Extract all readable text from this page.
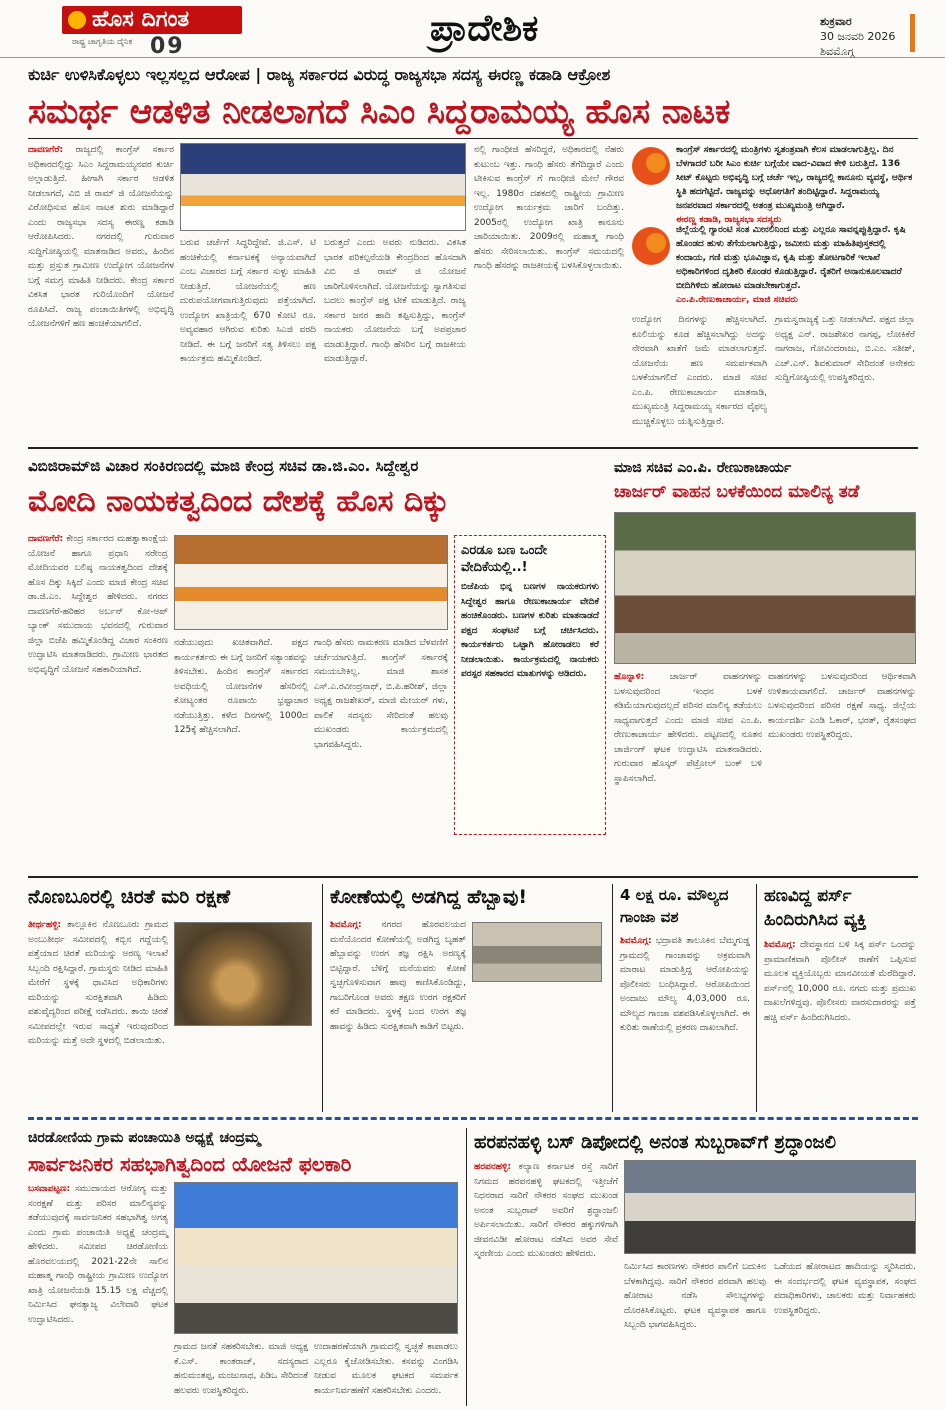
ಹೊಸ ದಿಗಂತ
ರಾಷ್ಟ್ರ ಜಾಗೃತಿಯ ದೈನಿಕ 09	ಪ್ರಾದೇಶಿಕ	ಶುಕ್ರವಾರ
30 ಜನವರಿ 2026
ಶಿವಮೊಗ್ಗ
ಕುರ್ಚಿ ಉಳಿಸಿಕೊಳ್ಳಲು ಇಲ್ಲಸಲ್ಲದ ಆರೋಪ | ರಾಜ್ಯ ಸರ್ಕಾರದ ವಿರುದ್ಧ ರಾಜ್ಯಸಭಾ ಸದಸ್ಯ ಈರಣ್ಣ ಕಡಾಡಿ ಆಕ್ರೋಶ
ಸಮರ್ಥ ಆಡಳಿತ ನೀಡಲಾಗದೆ ಸಿಎಂ ಸಿದ್ದರಾಮಯ್ಯ ಹೊಸ ನಾಟಕ
ದಾವಣಗೆರೆ: ರಾಜ್ಯದಲ್ಲಿ ಕಾಂಗ್ರೆಸ್ ಸರ್ಕಾರ ಅಧಿಕಾರದಲ್ಲಿದ್ದು ಸಿಎಂ ಸಿದ್ದರಾಮಯ್ಯನವರ ಕುರ್ಚಿ ಅಲ್ಲಾಡುತ್ತಿದೆ. ಹೀಗಾಗಿ ಸರ್ಕಾರ ಆಡಳಿತ ನೀಡಲಾಗದೆ, ವಿಬಿ ಜಿ ರಾಮ್ ಜಿ ಯೋಜನೆಯನ್ನು ವಿರೋಧಿಸುವ ಹೊಸ ನಾಟಕ ಶುರು ಮಾಡಿದ್ದಾರೆ ಎಂದು ರಾಜ್ಯಸಭಾ ಸದಸ್ಯ ಈರಣ್ಣ ಕಡಾಡಿ ಆರೋಪಿಸಿದರು. ನಗರದಲ್ಲಿ ಗುರುವಾರ ಸುದ್ದಿಗೋಷ್ಠಿಯಲ್ಲಿ ಮಾತನಾಡಿದ ಅವರು, ಹಿಂದಿನ ಮತ್ತು ಪ್ರಸ್ತುತ ಗ್ರಾಮೀಣ ಉದ್ಯೋಗ ಯೋಜನೆಗಳ ಬಗ್ಗೆ ಸಮಗ್ರ ಮಾಹಿತಿ ನೀಡಿದರು. ಕೇಂದ್ರ ಸರ್ಕಾರ ವಿಕಸಿತ ಭಾರತ ಗುರಿಯೊಂದಿಗೆ ಯೋಜನೆ ರೂಪಿಸಿದೆ. ರಾಜ್ಯ ಪಂಚಾಯಿತಿಗಳಲ್ಲಿ ಅಭಿವೃದ್ಧಿ ಯೋಜನೆಗಳಿಗೆ ಹಣ ಹಂಚಿಕೆಯಾಗಲಿದೆ.
ಬರುವ ಚರ್ಚೆಗೆ ಸಿದ್ಧರಿದ್ದೇವೆ. ಜಿ.ಎಸ್. ಟಿ ಹಂಚಿಕೆಯಲ್ಲಿ ಕರ್ನಾಟಕಕ್ಕೆ ಅನ್ಯಾಯವಾಗಿದೆ ಎಂಬ ವಿಚಾರದ ಬಗ್ಗೆ ಸರ್ಕಾರ ಸುಳ್ಳು ಮಾಹಿತಿ ನೀಡುತ್ತಿದೆ. ಯೋಜನೆಯಲ್ಲಿ ಹಣ ದುರುಪಯೋಗವಾಗುತ್ತಿರುವುದು ಪತ್ತೆಯಾಗಿದೆ. ಉದ್ಯೋಗ ಖಾತ್ರಿಯಲ್ಲಿ 670 ಕೋಟಿ ರೂ. ಅವ್ಯವಹಾರ ಆಗಿರುವ ಕುರಿತು ಸಿಎಜಿ ವರದಿ ನೀಡಿದೆ. ಈ ಬಗ್ಗೆ ಜನರಿಗೆ ಸತ್ಯ ತಿಳಿಸಲು ಪಕ್ಷ ಕಾರ್ಯಕ್ರಮ ಹಮ್ಮಿಕೊಂಡಿದೆ.
ಬರುತ್ತದೆ ಎಂದು ಅವರು ನುಡಿದರು. ವಿಕಸಿತ ಭಾರತ ಪರಿಕಲ್ಪನೆಯಡಿ ಕೇಂದ್ರದಿಂದ ಹೊಸದಾಗಿ ವಿಬಿ ಜಿ ರಾಮ್ ಜಿ ಯೋಜನೆ ಜಾರಿಗೊಳಿಸಲಾಗಿದೆ. ಯೋಜನೆಯನ್ನು ಸ್ವಾಗತಿಸುವ ಬದಲು ಕಾಂಗ್ರೆಸ್ ಪಕ್ಷ ಟೀಕೆ ಮಾಡುತ್ತಿದೆ. ರಾಜ್ಯ ಸರ್ಕಾರ ಜನರ ಹಾದಿ ತಪ್ಪಿಸುತ್ತಿದ್ದು, ಕಾಂಗ್ರೆಸ್ ನಾಯಕರು ಯೋಜನೆಯ ಬಗ್ಗೆ ಅಪಪ್ರಚಾರ ಮಾಡುತ್ತಿದ್ದಾರೆ. ಗಾಂಧಿ ಹೆಸರಿನ ಬಗ್ಗೆ ರಾಜಕೀಯ ಮಾಡುತ್ತಿದ್ದಾರೆ.
ನಲ್ಲಿ ಗಾಂಧೀಜಿ ಹೆಸರಿದ್ದರೆ, ಅಧಿಕಾರದಲ್ಲಿ ನೆಹರು ಕುಟುಂಬ ಇತ್ತು. ಗಾಂಧಿ ಹೆಸರು ತೆಗೆದಿದ್ದಾರೆ ಎಂದು ಟೀಕಿಸುವ ಕಾಂಗ್ರೆಸ್ ಗೆ ಗಾಂಧೀಜಿ ಮೇಲೆ ಗೌರವ ಇಲ್ಲ. 1980ರ ದಶಕದಲ್ಲಿ ರಾಷ್ಟ್ರೀಯ ಗ್ರಾಮೀಣ ಉದ್ಯೋಗ ಕಾರ್ಯಕ್ರಮ ಜಾರಿಗೆ ಬಂದಿತ್ತು. 2005ರಲ್ಲಿ ಉದ್ಯೋಗ ಖಾತ್ರಿ ಕಾನೂನು ಜಾರಿಯಾಯಿತು. 2009ರಲ್ಲಿ ಮಹಾತ್ಮ ಗಾಂಧಿ ಹೆಸರು ಸೇರಿಸಲಾಯಿತು. ಕಾಂಗ್ರೆಸ್ ಸಮಯದಲ್ಲಿ ಗಾಂಧಿ ಹೆಸರನ್ನು ರಾಜಕೀಯಕ್ಕೆ ಬಳಸಿಕೊಳ್ಳಲಾಯಿತು.
ಕಾಂಗ್ರೆಸ್ ಸರ್ಕಾರದಲ್ಲಿ ಮಂತ್ರಿಗಳು ಸ್ವತಂತ್ರವಾಗಿ ಕೆಲಸ ಮಾಡಲಾಗುತ್ತಿಲ್ಲ. ದಿನ ಬೆಳಗಾದರೆ ಬರೀ ಸಿಎಂ ಕುರ್ಚಿ ಬಗ್ಗೆಯೇ ವಾದ-ವಿವಾದ ಕೇಳಿ ಬರುತ್ತಿದೆ. 136 ಸೀಟ್ ಕೊಟ್ಟರು ಅಭಿವೃದ್ಧಿ ಬಗ್ಗೆ ಚರ್ಚೆ ಇಲ್ಲ, ರಾಜ್ಯದಲ್ಲಿ ಕಾನೂನು ವ್ಯವಸ್ಥೆ, ಆರ್ಥಿಕ ಸ್ಥಿತಿ ಹದಗೆಟ್ಟಿದೆ. ರಾಜ್ಯವನ್ನು ಅಧೋಗತಿಗೆ ತಂದಿಟ್ಟಿದ್ದಾರೆ. ಸಿದ್ದರಾಮಯ್ಯ ಜನಪರವಾದ ಸರ್ಕಾರದಲ್ಲಿ ಅತಂತ್ರ ಮುಖ್ಯಮಂತ್ರಿ ಆಗಿದ್ದಾರೆ.
ಈರಣ್ಣ ಕಡಾಡಿ, ರಾಜ್ಯಸಭಾ ಸದಸ್ಯರು
ಜಿಲ್ಲೆಯಲ್ಲಿ ಗ್ಯಾರಂಟಿ ಸಂತ ಮೀನಲಿನಿಂದ ಮತ್ತು ಎಲ್ಲರೂ ಸಾವನ್ನಪ್ಪುತ್ತಿದ್ದಾರೆ. ಕೃಷಿ ಹೊಂಡದ ಹುಳು ತೆಗೆಯಲಾಗುತ್ತಿದ್ದು, ಜಮೀನು ಮತ್ತು ಮಾಹಿತಿಪುಸ್ತಕದಲ್ಲಿ ಕಂದಾಯ, ಗಣಿ ಮತ್ತು ಭೂವಿಜ್ಞಾನ, ಕೃಷಿ ಮತ್ತು ತೋಟಗಾರಿಕೆ ಇಲಾಖೆ ಅಧಿಕಾರಿಗಳಿಂದ ದೃಶಿಕರಿ ಕೊಂಡರ ಕೊಡುತ್ತಿದ್ದಾರೆ. ರೈತರಿಗೆ ಅನಾನುಕೂಲವಾದರೆ ಬೀದಿಗಿಳಿದು ಹೋರಾಟ ಮಾಡಬೇಕಾಗುತ್ತದೆ.
ಎಂ.ಪಿ.ರೇಣುಕಾಚಾರ್ಯ, ಮಾಜಿ ಸಚಿವರು
ಉದ್ಯೋಗ ದಿನಗಳನ್ನು ಹೆಚ್ಚಿಸಲಾಗಿದೆ. ಕೂಲಿಯನ್ನು ಕೂಡ ಹೆಚ್ಚಿಸಲಾಗಿದ್ದು ಅದನ್ನು ನೇರವಾಗಿ ಖಾತೆಗೆ ಜಮೆ ಮಾಡಲಾಗುತ್ತದೆ. ಯೋಜನೆಯ ಹಣ ಸಮರ್ಪಕವಾಗಿ ಬಳಕೆಯಾಗಲಿದೆ ಎಂದರು. ಮಾಜಿ ಸಚಿವ ಎಂ.ಪಿ. ರೇಣುಕಾಚಾರ್ಯ ಮಾತನಾಡಿ, ಮುಖ್ಯಮಂತ್ರಿ ಸಿದ್ದರಾಮಯ್ಯ ಸರ್ಕಾರದ ವೈಫಲ್ಯ ಮುಚ್ಚಿಕೊಳ್ಳಲು ಯತ್ನಿಸುತ್ತಿದ್ದಾರೆ.
ಗ್ರಾಮಸ್ವರಾಜ್ಯಕ್ಕೆ ಒತ್ತು ನೀಡಲಾಗಿದೆ. ಪಕ್ಷದ ಜಿಲ್ಲಾ ಅಧ್ಯಕ್ಷ ಎನ್. ರಾಜಶೇಖರ ನಾಗಪ್ಪ, ಲೋಕಿಕೆರೆ ನಾಗರಾಜ, ಗೋವಿಂದರಾಜು, ಬಿ.ಎಂ. ಸತೀಶ್, ಎಚ್.ಎನ್. ಶಿವಕುಮಾರ್ ಸೇರಿದಂತೆ ಅನೇಕರು ಸುದ್ದಿಗೋಷ್ಠಿಯಲ್ಲಿ ಉಪಸ್ಥಿತರಿದ್ದರು.
ವಿಬಿಜಿರಾಮ್‌ಜಿ ವಿಚಾರ ಸಂಕಿರಣದಲ್ಲಿ ಮಾಜಿ ಕೇಂದ್ರ ಸಚಿವ ಡಾ.ಜಿ.ಎಂ. ಸಿದ್ದೇಶ್ವರ
ಮೋದಿ ನಾಯಕತ್ವದಿಂದ ದೇಶಕ್ಕೆ ಹೊಸ ದಿಕ್ಕು
ದಾವಣಗೆರೆ: ಕೇಂದ್ರ ಸರ್ಕಾರದ ಮಹತ್ವಾಕಾಂಕ್ಷೆಯ ಯೋಜನೆ ಹಾಗೂ ಪ್ರಧಾನಿ ನರೇಂದ್ರ ಮೋದಿಯವರ ಬಲಿಷ್ಠ ನಾಯಕತ್ವದಿಂದ ದೇಶಕ್ಕೆ ಹೊಸ ದಿಕ್ಕು ಸಿಕ್ಕಿದೆ ಎಂದು ಮಾಜಿ ಕೇಂದ್ರ ಸಚಿವ ಡಾ.ಜಿ.ಎಂ. ಸಿದ್ದೇಶ್ವರ ಹೇಳಿದರು. ನಗರದ ದಾವಣಗೆರೆ-ಹರಿಹರ ಅರ್ಬನ್ ಕೋ-ಆಪ್ ಬ್ಯಾಂಕ್ ಸಮುದಾಯ ಭವನದಲ್ಲಿ ಗುರುವಾರ ಜಿಲ್ಲಾ ಬಿಜೆಪಿ ಹಮ್ಮಿಕೊಂಡಿದ್ದ ವಿಚಾರ ಸಂಕಿರಣ ಉದ್ಘಾಟಿಸಿ ಮಾತನಾಡಿದರು. ಗ್ರಾಮೀಣ ಭಾರತದ ಅಭಿವೃದ್ಧಿಗೆ ಯೋಜನೆ ಸಹಕಾರಿಯಾಗಿದೆ.
ನಡೆಯುವುದು ಖಚಿತವಾಗಿದೆ. ಪಕ್ಷದ ಕಾರ್ಯಕರ್ತರು ಈ ಬಗ್ಗೆ ಜನರಿಗೆ ಸತ್ಯಾಂಶವನ್ನು ತಿಳಿಸಬೇಕು. ಹಿಂದಿನ ಕಾಂಗ್ರೆಸ್ ಸರ್ಕಾರದ ಅವಧಿಯಲ್ಲಿ ಯೋಜನೆಗಳ ಹೆಸರಿನಲ್ಲಿ ಕೋಟ್ಯಂತರ ರೂಪಾಯಿ ಭ್ರಷ್ಟಾಚಾರ ನಡೆಯುತ್ತಿತ್ತು. ಕಳೆದ ದಿನಗಳಲ್ಲಿ 1000ದ 125ಕ್ಕೆ ಹೆಚ್ಚಿಸಲಾಗಿದೆ.
ಗಾಂಧಿ ಹೆಸರು ನಾಮಕರಣ ಮಾಡಿದ ಬೆಳವಣಿಗೆ ಚರ್ಚೆಯಾಗುತ್ತಿದೆ. ಕಾಂಗ್ರೆಸ್ ಸರ್ಕಾರಕ್ಕೆ ಸಮಯಬೇಕಿಲ್ಲ. ಮಾಜಿ ಶಾಸಕ ಎಸ್.ಎ.ರವೀಂದ್ರನಾಥ್, ಬಿ.ಪಿ.ಹರೀಶ್, ಜಿಲ್ಲಾ ಅಧ್ಯಕ್ಷ ರಾಜಶೇಖರ್, ಮಾಜಿ ಮೇಯರ್ ಗಳು, ಪಾಲಿಕೆ ಸದಸ್ಯರು ಸೇರಿದಂತೆ ಹಲವು ಮುಖಂಡರು ಕಾರ್ಯಕ್ರಮದಲ್ಲಿ ಭಾಗವಹಿಸಿದ್ದರು.
ಎರಡೂ ಬಣ ಒಂದೇ ವೇದಿಕೆಯಲ್ಲಿ..!
ಬಿಜೆಪಿಯ ಭಿನ್ನ ಬಣಗಳ ನಾಯಕರುಗಳು ಸಿದ್ದೇಶ್ವರ ಹಾಗೂ ರೇಣುಕಾಚಾರ್ಯ ವೇದಿಕೆ ಹಂಚಿಕೊಂಡರು. ಬಣಗಳ ಕುರಿತು ಮಾತನಾಡದೆ ಪಕ್ಷದ ಸಂಘಟನೆ ಬಗ್ಗೆ ಚರ್ಚಿಸಿದರು. ಕಾರ್ಯಕರ್ತರು ಒಟ್ಟಾಗಿ ಹೋರಾಡಲು ಕರೆ ನೀಡಲಾಯಿತು. ಕಾರ್ಯಕ್ರಮದಲ್ಲಿ ನಾಯಕರು ಪರಸ್ಪರ ಸಹಕಾರದ ಮಾತುಗಳನ್ನು ಆಡಿದರು.
ಮಾಜಿ ಸಚಿವ ಎಂ.ಪಿ. ರೇಣುಕಾಚಾರ್ಯ
ಚಾರ್ಜರ್ ವಾಹನ ಬಳಕೆಯಿಂದ ಮಾಲಿನ್ಯ ತಡೆ
ಹೊನ್ನಾಳಿ:	ಚಾರ್ಜರ್ ವಾಹನಗಳನ್ನು ಬಳಸುವುದರಿಂದ ಇಂಧನ ಬಳಕೆ ಕಡಿಮೆಯಾಗುವುದಲ್ಲದೆ ಪರಿಸರ ಮಾಲಿನ್ಯ ತಡೆಯಲು ಸಾಧ್ಯವಾಗುತ್ತದೆ ಎಂದು ಮಾಜಿ ಸಚಿವ ಎಂ.ಪಿ. ರೇಣುಕಾಚಾರ್ಯ ಹೇಳಿದರು. ಪಟ್ಟಣದಲ್ಲಿ ನೂತನ ಚಾರ್ಜಿಂಗ್ ಘಟಕ ಉದ್ಘಾಟಿಸಿ ಮಾತನಾಡಿದರು. ಗುರುವಾರ ಹೊಸ್ಕರ್ ಪೆಟ್ರೋಲ್ ಬಂಕ್ ಬಳಿ ಸ್ಥಾಪಿಸಲಾಗಿದೆ.
ವಾಹನಗಳನ್ನು ಬಳಸುವುದರಿಂದ ಆರ್ಥಿಕವಾಗಿ ಉಳಿತಾಯವಾಗಲಿದೆ. ಚಾರ್ಜರ್ ವಾಹನಗಳನ್ನು ಬಳಸುವುದರಿಂದ ಪರಿಸರ ರಕ್ಷಣೆ ಸಾಧ್ಯ. ಜಿಲ್ಲೆಯ ಕಾರ್ಯದರ್ಶಿ ಎಂಡಿ ಓಕಾರ್, ಭರತ್, ರೈತಸಂಘದ ಮುಖಂಡರು ಉಪಸ್ಥಿತರಿದ್ದರು.
ನೊಣಬೂರಲ್ಲಿ ಚಿರತೆ ಮರಿ ರಕ್ಷಣೆ
ತೀರ್ಥಹಳ್ಳಿ: ತಾಲ್ಲೂಕಿನ ನೊಣಬೂರು ಗ್ರಾಮದ ಅಂಬುತೀರ್ಥ ಸಮೀಪದಲ್ಲಿ ಕಬ್ಬಿನ ಗದ್ದೆಯಲ್ಲಿ ಪತ್ತೆಯಾದ ಚಿರತೆ ಮರಿಯನ್ನು ಅರಣ್ಯ ಇಲಾಖೆ ಸಿಬ್ಬಂದಿ ರಕ್ಷಿಸಿದ್ದಾರೆ. ಗ್ರಾಮಸ್ಥರು ನೀಡಿದ ಮಾಹಿತಿ ಮೇರೆಗೆ ಸ್ಥಳಕ್ಕೆ ಧಾವಿಸಿದ ಅಧಿಕಾರಿಗಳು ಮರಿಯನ್ನು ಸುರಕ್ಷಿತವಾಗಿ ಹಿಡಿದು ಪಶುವೈದ್ಯರಿಂದ ಪರೀಕ್ಷೆ ನಡೆಸಿದರು. ತಾಯಿ ಚಿರತೆ ಸಮೀಪದಲ್ಲೇ ಇರುವ ಸಾಧ್ಯತೆ ಇರುವುದರಿಂದ ಮರಿಯನ್ನು ಮತ್ತೆ ಅದೇ ಸ್ಥಳದಲ್ಲಿ ಬಿಡಲಾಯಿತು.
ಕೋಣೆಯಲ್ಲಿ ಅಡಗಿದ್ದ ಹೆಬ್ಬಾವು!
ಶಿವಮೊಗ್ಗ: ನಗರದ ಹೊರವಲಯದ ಮನೆಯೊಂದರ ಕೋಣೆಯಲ್ಲಿ ಅಡಗಿದ್ದ ಬೃಹತ್ ಹೆಬ್ಬಾವನ್ನು ಉರಗ ತಜ್ಞ ರಕ್ಷಿಸಿ ಅರಣ್ಯಕ್ಕೆ ಬಿಟ್ಟಿದ್ದಾರೆ. ಬೆಳಿಗ್ಗೆ ಮನೆಯವರು ಕೋಣೆ ಸ್ವಚ್ಛಗೊಳಿಸುವಾಗ ಹಾವು ಕಾಣಿಸಿಕೊಂಡಿದ್ದು, ಗಾಬರಿಗೊಂಡ ಅವರು ತಕ್ಷಣ ಉರಗ ರಕ್ಷಕರಿಗೆ ಕರೆ ಮಾಡಿದರು. ಸ್ಥಳಕ್ಕೆ ಬಂದ ಉರಗ ತಜ್ಞ ಹಾವನ್ನು ಹಿಡಿದು ಸುರಕ್ಷಿತವಾಗಿ ಕಾಡಿಗೆ ಬಿಟ್ಟರು.
4 ಲಕ್ಷ ರೂ. ಮೌಲ್ಯದ ಗಾಂಜಾ ವಶ
ಶಿವಮೊಗ್ಗ: ಭದ್ರಾವತಿ ತಾಲೂಕಿನ ಬೆಮ್ಮಗುಡ್ಡ ಗ್ರಾಮದಲ್ಲಿ ಗಾಂಜಾವನ್ನು ಅಕ್ರಮವಾಗಿ ಮಾರಾಟ ಮಾಡುತ್ತಿದ್ದ ಆರೋಪಿಯನ್ನು ಪೊಲೀಸರು ಬಂಧಿಸಿದ್ದಾರೆ. ಆರೋಪಿಯಿಂದ ಅಂದಾಜು ಮೌಲ್ಯ 4,03,000 ರೂ. ಮೌಲ್ಯದ ಗಾಂಜಾ ವಶಪಡಿಸಿಕೊಳ್ಳಲಾಗಿದೆ. ಈ ಕುರಿತು ಠಾಣೆಯಲ್ಲಿ ಪ್ರಕರಣ ದಾಖಲಾಗಿದೆ.
ಹಣವಿದ್ದ ಪರ್ಸ್ ಹಿಂದಿರುಗಿಸಿದ ವ್ಯಕ್ತಿ
ಶಿವಮೊಗ್ಗ: ದೇವಸ್ಥಾನದ ಬಳಿ ಸಿಕ್ಕ ಪರ್ಸ್ ಒಂದನ್ನು ಪ್ರಾಮಾಣಿಕವಾಗಿ ಪೊಲೀಸ್ ಠಾಣೆಗೆ ಒಪ್ಪಿಸುವ ಮೂಲಕ ವ್ಯಕ್ತಿಯೊಬ್ಬರು ಮಾನವೀಯತೆ ಮೆರೆದಿದ್ದಾರೆ. ಪರ್ಸ್‌ನಲ್ಲಿ 10,000 ರೂ. ನಗದು ಮತ್ತು ಪ್ರಮುಖ ದಾಖಲೆಗಳಿದ್ದವು. ಪೊಲೀಸರು ವಾರಸುದಾರರನ್ನು ಪತ್ತೆ ಹಚ್ಚಿ ಪರ್ಸ್ ಹಿಂದಿರುಗಿಸಿದರು.
ಚಿರಡೋಣಿಯ ಗ್ರಾಮ ಪಂಚಾಯಿತಿ ಅಧ್ಯಕ್ಷೆ ಚಂದ್ರಮ್ಮ
ಸಾರ್ವಜನಿಕರ ಸಹಭಾಗಿತ್ವದಿಂದ ಯೋಜನೆ ಫಲಕಾರಿ
ಬಸವಾಪಟ್ಟಣ: ಸಮುದಾಯದ ಆರೋಗ್ಯ ಮತ್ತು ಸಂರಕ್ಷಣೆ ಮತ್ತು ಪರಿಸರ ಮಾಲಿನ್ಯವನ್ನು ತಡೆಯುವುದಕ್ಕೆ ಸಾರ್ವಜನಿಕರ ಸಹಭಾಗಿತ್ವ ಅಗತ್ಯ ಎಂದು ಗ್ರಾಮ ಪಂಚಾಯಿತಿ ಅಧ್ಯಕ್ಷೆ ಚಂದ್ರಮ್ಮ ಹೇಳಿದರು. ಸಮೀಪದ ಚಿರಡೋಣಿಯ ಹೊರವಲಯದಲ್ಲಿ 2021-22ನೇ ಸಾಲಿನ ಮಹಾತ್ಮ ಗಾಂಧಿ ರಾಷ್ಟ್ರೀಯ ಗ್ರಾಮೀಣ ಉದ್ಯೋಗ ಖಾತ್ರಿ ಯೋಜನೆಯಡಿ 15.15 ಲಕ್ಷ ವೆಚ್ಚದಲ್ಲಿ ನಿರ್ಮಿಸಿದ ಘನತ್ಯಾಜ್ಯ ವಿಲೇವಾರಿ ಘಟಕ ಉದ್ಘಾಟಿಸಿದರು.
ಗ್ರಾಮದ ಜನತೆ ಸಹಕರಿಸಬೇಕು. ಮಾಜಿ ಅಧ್ಯಕ್ಷ ಕೆ.ಎಸ್. ಕಾಂತರಾಜ್, ಸದಸ್ಯರಾದ ಹನುಮಂತಪ್ಪ, ಮಂಜುನಾಥ, ಪಿಡಿಒ ಸೇರಿದಂತೆ ಹಲವರು ಉಪಸ್ಥಿತರಿದ್ದರು.
ಉದಾಹರಣೆಯಾಗಿ ಗ್ರಾಮದಲ್ಲಿ ಸ್ವಚ್ಛತೆ ಕಾಪಾಡಲು ಎಲ್ಲರೂ ಕೈಜೋಡಿಸಬೇಕು. ಕಸವನ್ನು ವಿಂಗಡಿಸಿ ನೀಡುವ ಮೂಲಕ ಘಟಕದ ಸಮರ್ಪಕ ಕಾರ್ಯನಿರ್ವಹಣೆಗೆ ಸಹಕರಿಸಬೇಕು ಎಂದರು.
ಹರಪನಹಳ್ಳಿ ಬಸ್ ಡಿಪೋದಲ್ಲಿ ಅನಂತ ಸುಬ್ಬರಾವ್‌ಗೆ ಶ್ರದ್ಧಾಂಜಲಿ
ಹರಪನಹಳ್ಳಿ: ಕಲ್ಯಾಣ ಕರ್ನಾಟಕ ರಸ್ತೆ ಸಾರಿಗೆ ನಿಗಮದ ಹರಪನಹಳ್ಳಿ ಘಟಕದಲ್ಲಿ ಇತ್ತೀಚೆಗೆ ನಿಧನರಾದ ಸಾರಿಗೆ ನೌಕರರ ಸಂಘದ ಮುಖಂಡ ಅನಂತ ಸುಬ್ಬರಾವ್ ಅವರಿಗೆ ಶ್ರದ್ಧಾಂಜಲಿ ಅರ್ಪಿಸಲಾಯಿತು. ಸಾರಿಗೆ ನೌಕರರ ಹಕ್ಕುಗಳಿಗಾಗಿ ಜೀವನವಿಡೀ ಹೋರಾಟ ನಡೆಸಿದ ಅವರ ಸೇವೆ ಸ್ಮರಣೀಯ ಎಂದು ಮುಖಂಡರು ಹೇಳಿದರು.
ನಿರ್ಮಿಸಿದ ಕಾರಣಗಳು ನೌಕರರ ಪಾಲಿಗೆ ಬದುಕಿನ ಬೆಳಕಾಗಿದ್ದವು. ಸಾರಿಗೆ ನೌಕರರ ಪರವಾಗಿ ಹಲವು ಹೋರಾಟ ನಡೆಸಿ ಸೌಲಭ್ಯಗಳನ್ನು ದೊರಕಿಸಿಕೊಟ್ಟರು. ಘಟಕ ವ್ಯವಸ್ಥಾಪಕ ಹಾಗೂ ಸಿಬ್ಬಂದಿ ಭಾಗವಹಿಸಿದ್ದರು.
ಒಡೆಯದ ಹೋರಾಟದ ಹಾದಿಯನ್ನು ಸ್ಮರಿಸಿದರು. ಈ ಸಂದರ್ಭದಲ್ಲಿ ಘಟಕ ವ್ಯವಸ್ಥಾಪಕ, ಸಂಘದ ಪದಾಧಿಕಾರಿಗಳು, ಚಾಲಕರು ಮತ್ತು ನಿರ್ವಾಹಕರು ಉಪಸ್ಥಿತರಿದ್ದರು.
